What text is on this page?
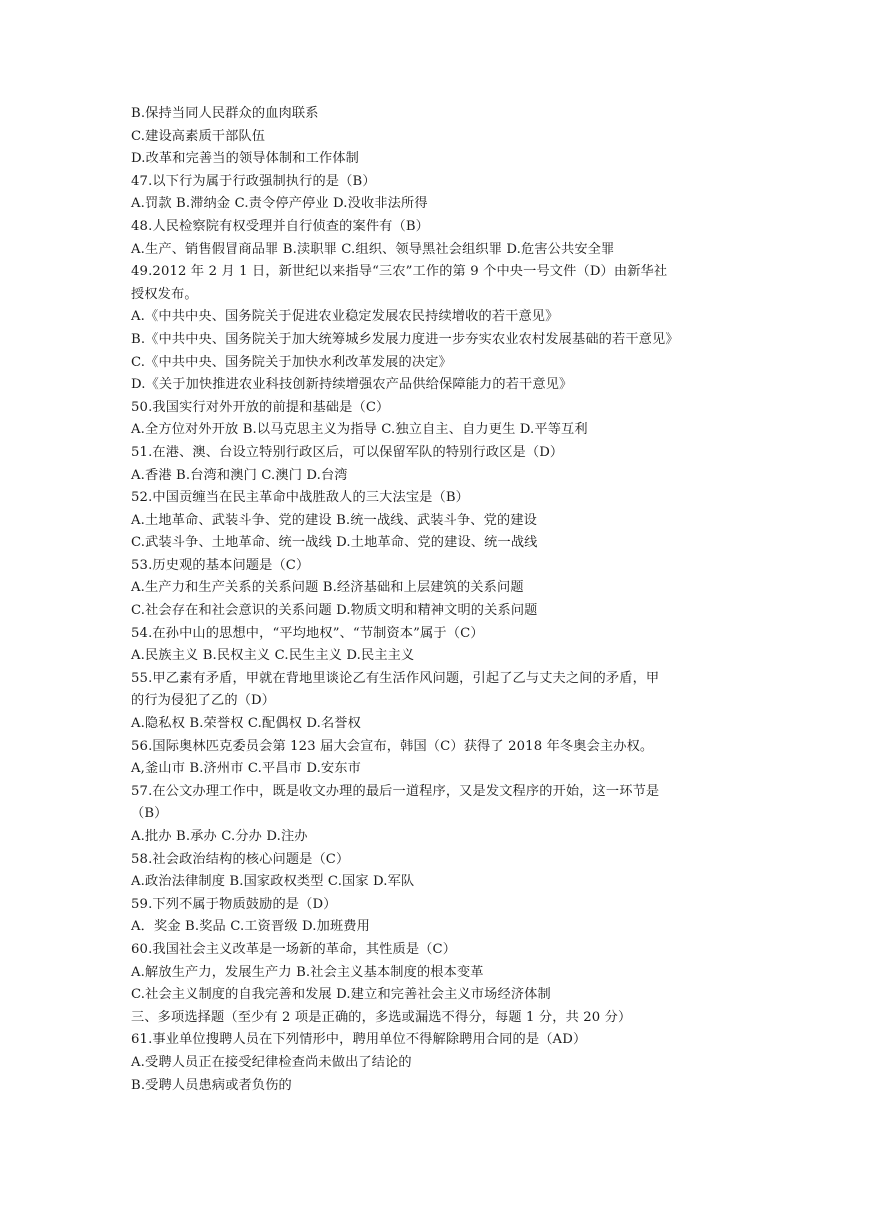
B.保持当同人民群众的血肉联系
C.建设高素质干部队伍
D.改革和完善当的领导体制和工作体制
47.以下行为属于行政强制执行的是（B）
A.罚款 B.滞纳金 C.责令停产停业 D.没收非法所得
48.人民检察院有权受理并自行侦查的案件有（B）
A.生产、销售假冒商品罪 B.渎职罪 C.组织、领导黑社会组织罪 D.危害公共安全罪
49.2012 年 2 月 1 日，新世纪以来指导“三农”工作的第 9 个中央一号文件（D）由新华社
授权发布。
A.《中共中央、国务院关于促进农业稳定发展农民持续增收的若干意见》
B.《中共中央、国务院关于加大统筹城乡发展力度进一步夯实农业农村发展基础的若干意见》
C.《中共中央、国务院关于加快水利改革发展的决定》
D.《关于加快推进农业科技创新持续增强农产品供给保障能力的若干意见》
50.我国实行对外开放的前提和基础是（C）
A.全方位对外开放 B.以马克思主义为指导 C.独立自主、自力更生 D.平等互利
51.在港、澳、台设立特别行政区后，可以保留军队的特别行政区是（D）
A.香港 B.台湾和澳门 C.澳门 D.台湾
52.中国贡缠当在民主革命中战胜敌人的三大法宝是（B）
A.土地革命、武装斗争、党的建设 B.统一战线、武装斗争、党的建设
C.武装斗争、土地革命、统一战线 D.土地革命、党的建设、统一战线
53.历史观的基本问题是（C）
A.生产力和生产关系的关系问题 B.经济基础和上层建筑的关系问题
C.社会存在和社会意识的关系问题 D.物质文明和精神文明的关系问题
54.在孙中山的思想中，“平均地权”、“节制资本”属于（C）
A.民族主义 B.民权主义 C.民生主义 D.民主主义
55.甲乙素有矛盾，甲就在背地里谈论乙有生活作风问题，引起了乙与丈夫之间的矛盾，甲
的行为侵犯了乙的（D）
A.隐私权 B.荣誉权 C.配偶权 D.名誉权
56.国际奥林匹克委员会第 123 届大会宣布，韩国（C）获得了 2018 年冬奥会主办权。
A,釜山市 B.济州市 C.平昌市 D.安东市
57.在公文办理工作中，既是收文办理的最后一道程序，又是发文程序的开始，这一环节是
（B）
A.批办 B.承办 C.分办 D.注办
58.社会政治结构的核心问题是（C）
A.政治法律制度 B.国家政权类型 C.国家 D.军队
59.下列不属于物质鼓励的是（D）
A．奖金 B.奖品 C.工资晋级 D.加班费用
60.我国社会主义改革是一场新的革命，其性质是（C）
A.解放生产力，发展生产力 B.社会主义基本制度的根本变革
C.社会主义制度的自我完善和发展 D.建立和完善社会主义市场经济体制
三、多项选择题（至少有 2 项是正确的，多选或漏选不得分，每题 1 分，共 20 分）
61.事业单位搜聘人员在下列情形中，聘用单位不得解除聘用合同的是（AD）
A.受聘人员正在接受纪律检查尚未做出了结论的
B.受聘人员患病或者负伤的
